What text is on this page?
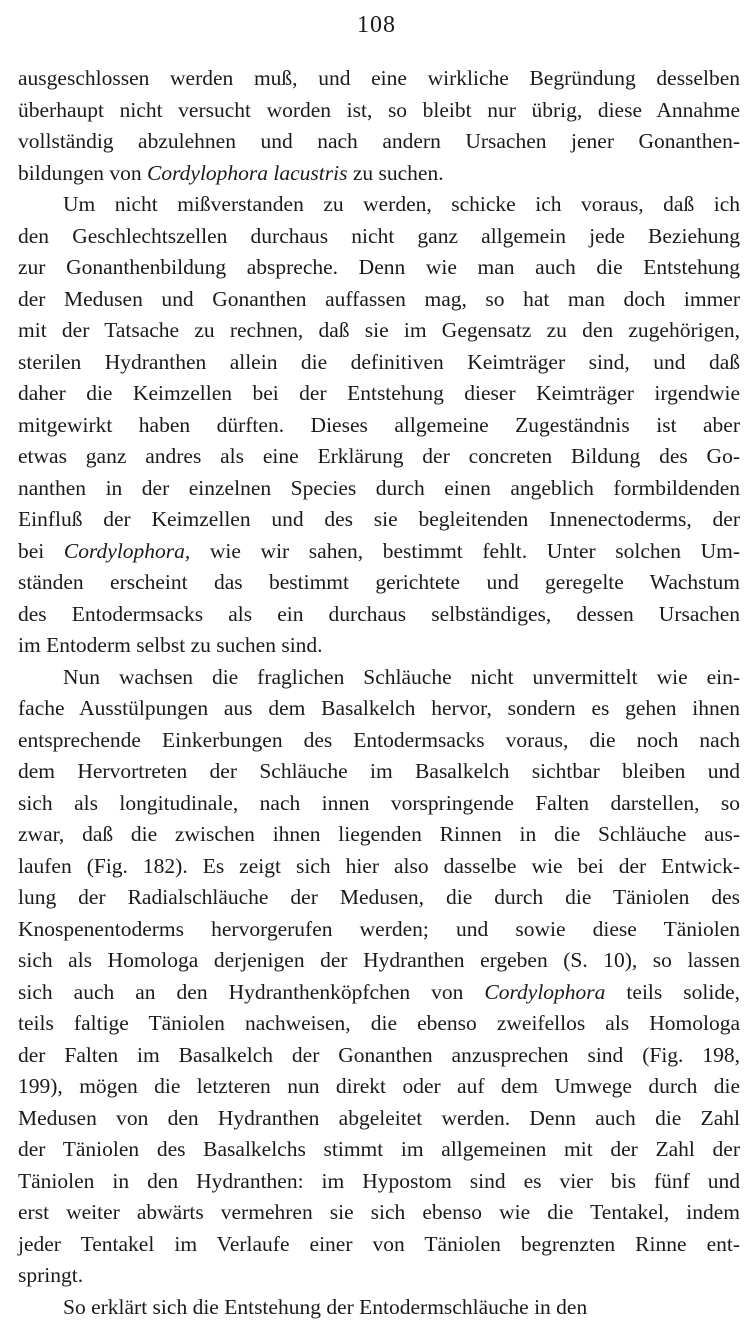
108
ausgeschlossen werden muß, und eine wirkliche Begründung desselben
überhaupt nicht versucht worden ist, so bleibt nur übrig, diese Annahme
vollständig abzulehnen und nach andern Ursachen jener Gonanthen-
bildungen von Cordylophora lacustris zu suchen.
Um nicht mißverstanden zu werden, schicke ich voraus, daß ich
den Geschlechtszellen durchaus nicht ganz allgemein jede Beziehung
zur Gonanthenbildung abspreche. Denn wie man auch die Entstehung
der Medusen und Gonanthen auffassen mag, so hat man doch immer
mit der Tatsache zu rechnen, daß sie im Gegensatz zu den zugehörigen,
sterilen Hydranthen allein die definitiven Keimträger sind, und daß
daher die Keimzellen bei der Entstehung dieser Keimträger irgendwie
mitgewirkt haben dürften. Dieses allgemeine Zugeständnis ist aber
etwas ganz andres als eine Erklärung der concreten Bildung des Go-
nanthen in der einzelnen Species durch einen angeblich formbildenden
Einfluß der Keimzellen und des sie begleitenden Innenectoderms, der
bei Cordylophora, wie wir sahen, bestimmt fehlt. Unter solchen Um-
ständen erscheint das bestimmt gerichtete und geregelte Wachstum
des Entodermsacks als ein durchaus selbständiges, dessen Ursachen
im Entoderm selbst zu suchen sind.
Nun wachsen die fraglichen Schläuche nicht unvermittelt wie ein-
fache Ausstülpungen aus dem Basalkelch hervor, sondern es gehen ihnen
entsprechende Einkerbungen des Entodermsacks voraus, die noch nach
dem Hervortreten der Schläuche im Basalkelch sichtbar bleiben und
sich als longitudinale, nach innen vorspringende Falten darstellen, so
zwar, daß die zwischen ihnen liegenden Rinnen in die Schläuche aus-
laufen (Fig. 182). Es zeigt sich hier also dasselbe wie bei der Entwick-
lung der Radialschläuche der Medusen, die durch die Täniolen des
Knospenentoderms hervorgerufen werden; und sowie diese Täniolen
sich als Homologa derjenigen der Hydranthen ergeben (S. 10), so lassen
sich auch an den Hydranthenköpfchen von Cordylophora teils solide,
teils faltige Täniolen nachweisen, die ebenso zweifellos als Homologa
der Falten im Basalkelch der Gonanthen anzusprechen sind (Fig. 198,
199), mögen die letzteren nun direkt oder auf dem Umwege durch die
Medusen von den Hydranthen abgeleitet werden. Denn auch die Zahl
der Täniolen des Basalkelchs stimmt im allgemeinen mit der Zahl der
Täniolen in den Hydranthen: im Hypostom sind es vier bis fünf und
erst weiter abwärts vermehren sie sich ebenso wie die Tentakel, indem
jeder Tentakel im Verlaufe einer von Täniolen begrenzten Rinne ent-
springt.
So erklärt sich die Entstehung der Entodermschläuche in den
